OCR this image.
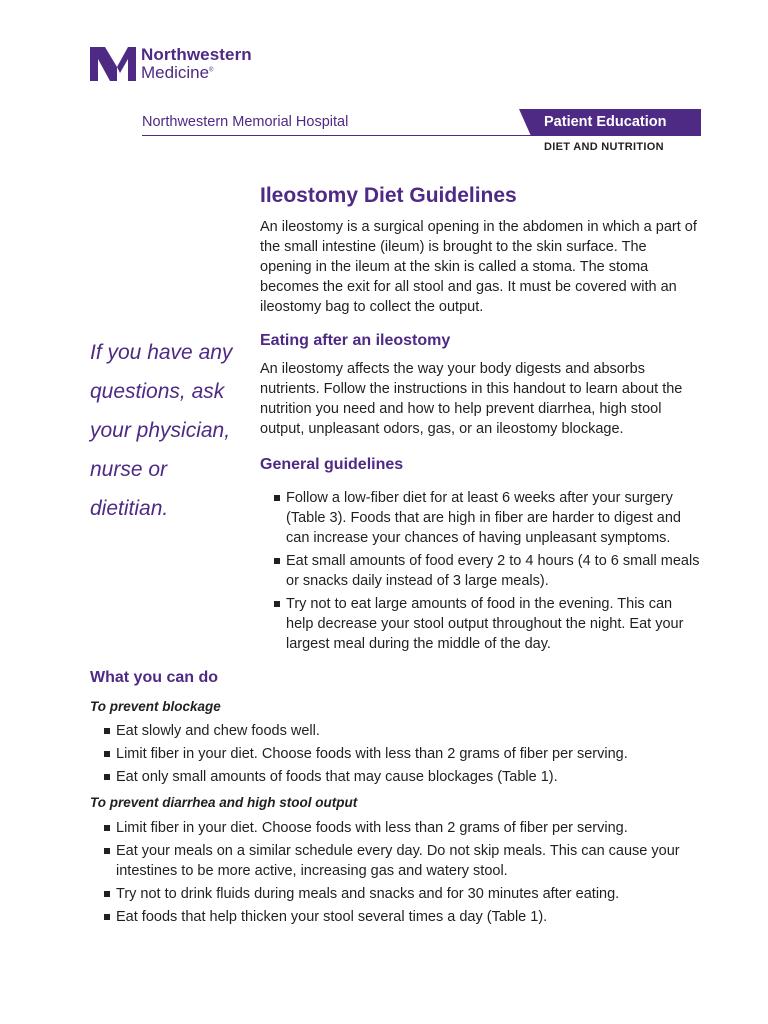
Northwestern
Medicine®
Northwestern Memorial Hospital	Patient Education
DIET AND NUTRITION
Ileostomy Diet Guidelines

An ileostomy is a surgical opening in the abdomen in which a part of the small intestine (ileum) is brought to the skin surface. The opening in the ileum at the skin is called a stoma. The stoma becomes the exit for all stool and gas. It must be covered with an ileostomy bag to collect the output.

If you have any questions, ask your physician, nurse or dietitian.
Eating after an ileostomy

An ileostomy affects the way your body digests and absorbs nutrients. Follow the instructions in this handout to learn about the nutrition you need and how to help prevent diarrhea, high stool output, unpleasant odors, gas, or an ileostomy blockage.

General guidelines
Follow a low-fiber diet for at least 6 weeks after your surgery (Table 3). Foods that are high in fiber are harder to digest and can increase your chances of having unpleasant symptoms.
Eat small amounts of food every 2 to 4 hours (4 to 6 small meals or snacks daily instead of 3 large meals).
Try not to eat large amounts of food in the evening. This can help decrease your stool output throughout the night. Eat your largest meal during the middle of the day.
What you can do
To prevent blockage
Eat slowly and chew foods well.
Limit fiber in your diet. Choose foods with less than 2 grams of fiber per serving.
Eat only small amounts of foods that may cause blockages (Table 1).
To prevent diarrhea and high stool output
Limit fiber in your diet. Choose foods with less than 2 grams of fiber per serving.
Eat your meals on a similar schedule every day. Do not skip meals. This can cause your intestines to be more active, increasing gas and watery stool.
Try not to drink fluids during meals and snacks and for 30 minutes after eating.
Eat foods that help thicken your stool several times a day (Table 1).
